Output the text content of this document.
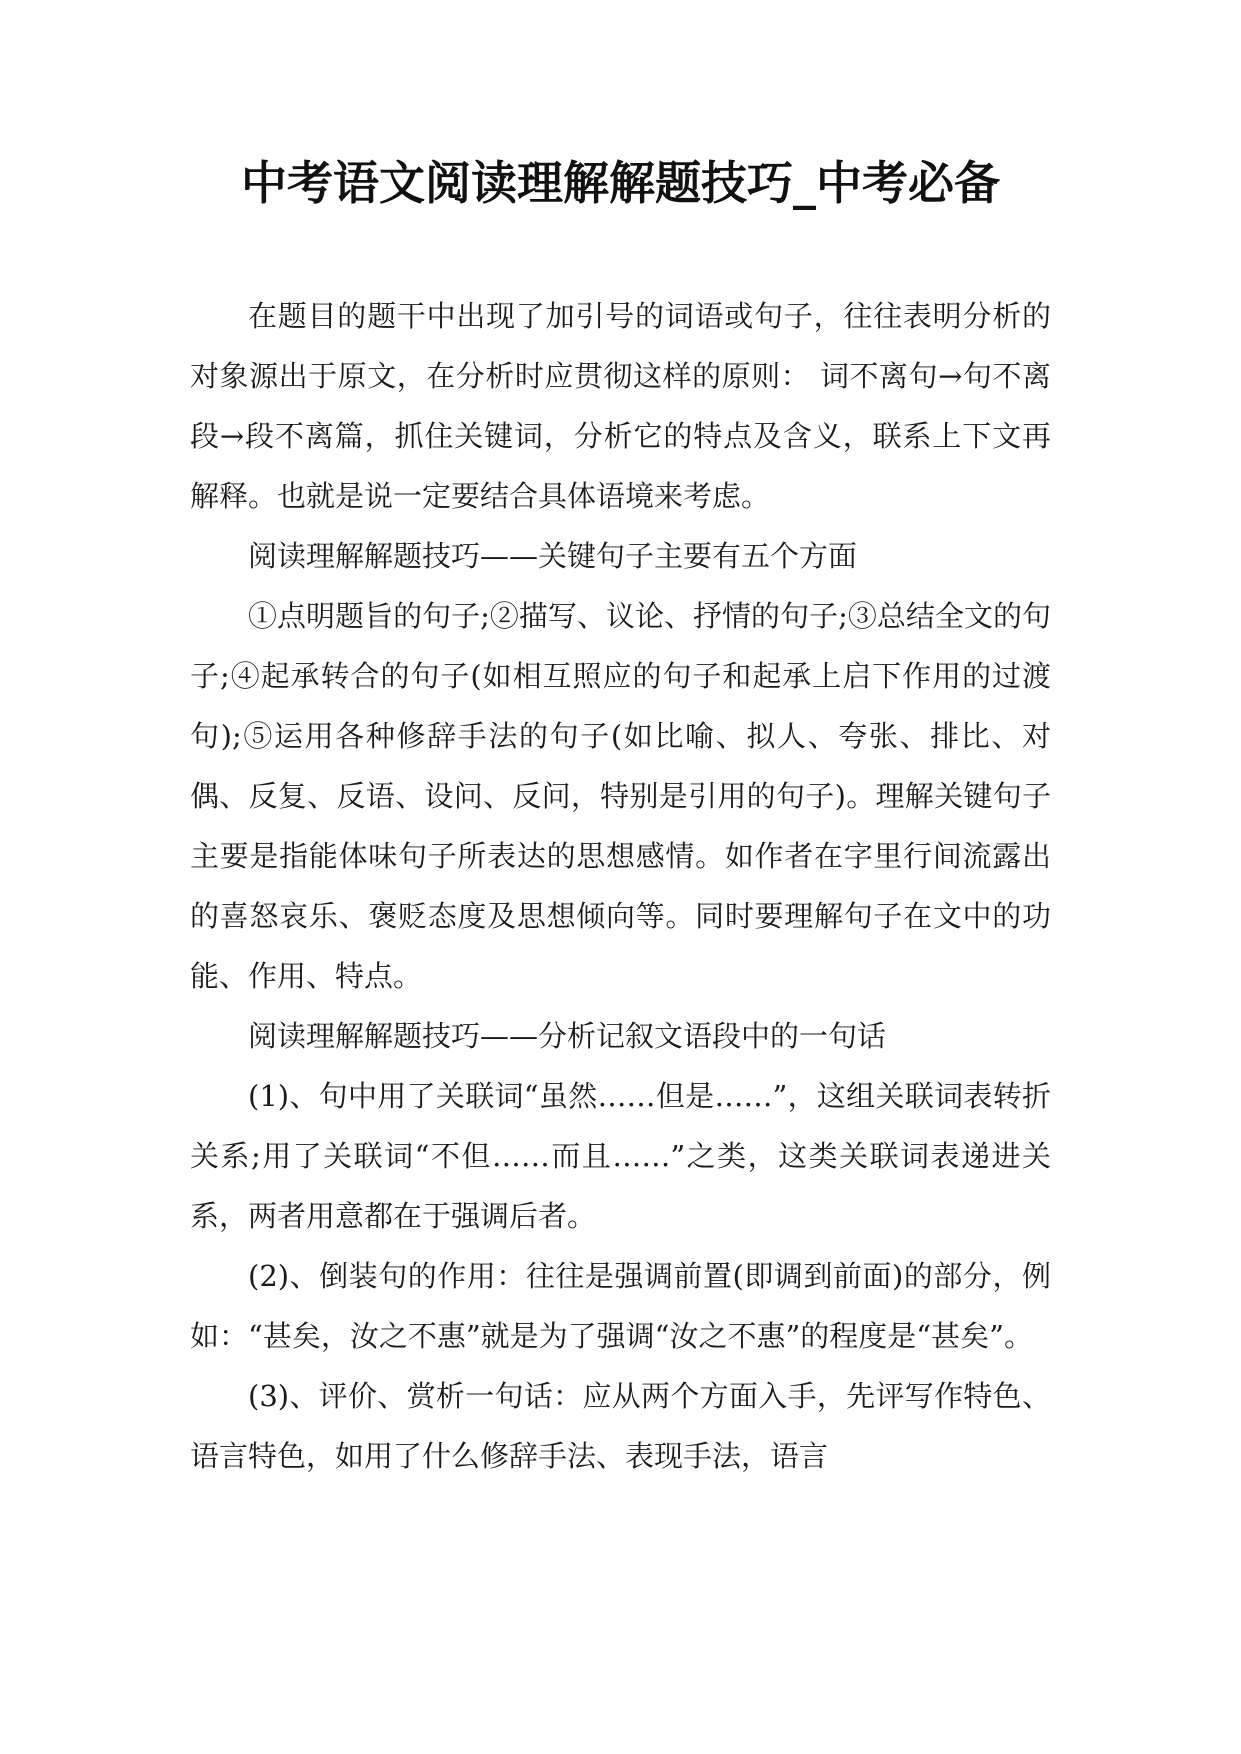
中考语文阅读理解解题技巧_中考必备

在题目的题干中出现了加引号的词语或句子，往往表明分析的对象源出于原文，在分析时应贯彻这样的原则： 词不离句→句不离段→段不离篇，抓住关键词，分析它的特点及含义，联系上下文再解释。也就是说一定要结合具体语境来考虑。

阅读理解解题技巧——关键句子主要有五个方面

①点明题旨的句子;②描写、议论、抒情的句子;③总结全文的句子;④起承转合的句子(如相互照应的句子和起承上启下作用的过渡句);⑤运用各种修辞手法的句子(如比喻、拟人、夸张、排比、对偶、反复、反语、设问、反问，特别是引用的句子)。理解关键句子主要是指能体味句子所表达的思想感情。如作者在字里行间流露出的喜怒哀乐、褒贬态度及思想倾向等。同时要理解句子在文中的功能、作用、特点。

阅读理解解题技巧——分析记叙文语段中的一句话

(1)、句中用了关联词“虽然……但是……”，这组关联词表转折关系;用了关联词“不但……而且……”之类，这类关联词表递进关系，两者用意都在于强调后者。

(2)、倒装句的作用：往往是强调前置(即调到前面)的部分，例如：“甚矣，汝之不惠”就是为了强调“汝之不惠”的程度是“甚矣”。

(3)、评价、赏析一句话：应从两个方面入手，先评写作特色、语言特色，如用了什么修辞手法、表现手法，语言
